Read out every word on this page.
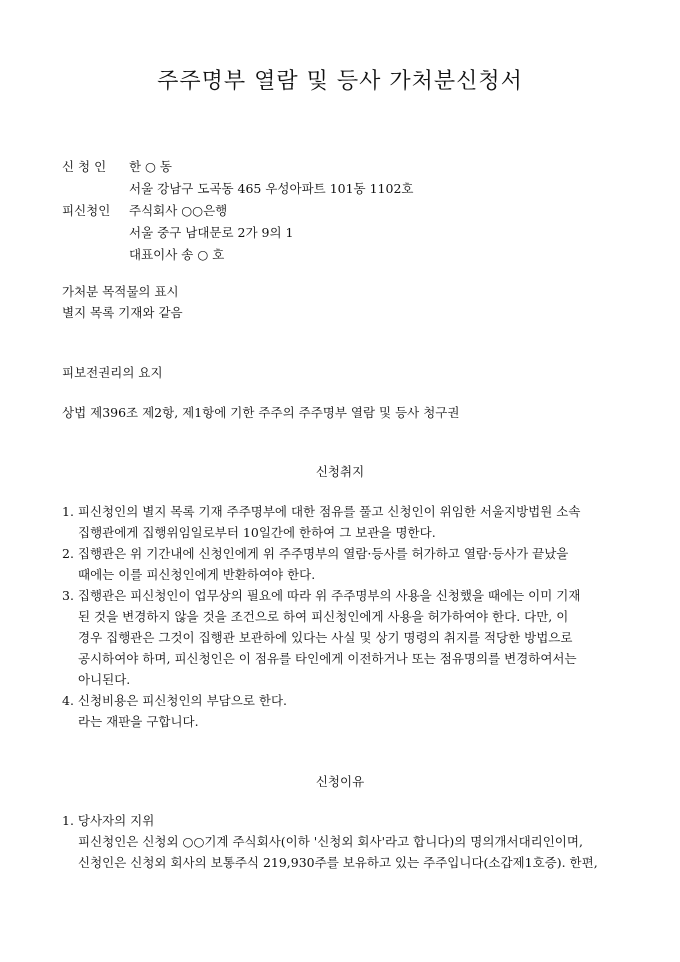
주주명부 열람 및 등사 가처분신청서
신 청 인 한 ○ 동
서울 강남구 도곡동 465 우성아파트 101동 1102호
피신청인 주식회사 ○○은행
서울 중구 남대문로 2가 9의 1
대표이사 송 ○ 호
가처분 목적물의 표시
별지 목록 기재와 같음
피보전권리의 요지
상법 제396조 제2항, 제1항에 기한 주주의 주주명부 열람 및 등사 청구권
신청취지
1. 피신청인의 별지 목록 기재 주주명부에 대한 점유를 풀고 신청인이 위임한 서울지방법원 소속
집행관에게 집행위임일로부터 10일간에 한하여 그 보관을 명한다.
2. 집행관은 위 기간내에 신청인에게 위 주주명부의 열람·등사를 허가하고 열람·등사가 끝났을
때에는 이를 피신청인에게 반환하여야 한다.
3. 집행관은 피신청인이 업무상의 필요에 따라 위 주주명부의 사용을 신청했을 때에는 이미 기재
된 것을 변경하지 않을 것을 조건으로 하여 피신청인에게 사용을 허가하여야 한다. 다만, 이
경우 집행관은 그것이 집행관 보관하에 있다는 사실 및 상기 명령의 취지를 적당한 방법으로
공시하여야 하며, 피신청인은 이 점유를 타인에게 이전하거나 또는 점유명의를 변경하여서는
아니된다.
4. 신청비용은 피신청인의 부담으로 한다.
라는 재판을 구합니다.
신청이유
1. 당사자의 지위
피신청인은 신청외 ○○기계 주식회사(이하 '신청외 회사'라고 합니다)의 명의개서대리인이며,
신청인은 신청외 회사의 보통주식 219,930주를 보유하고 있는 주주입니다(소갑제1호증). 한편,
